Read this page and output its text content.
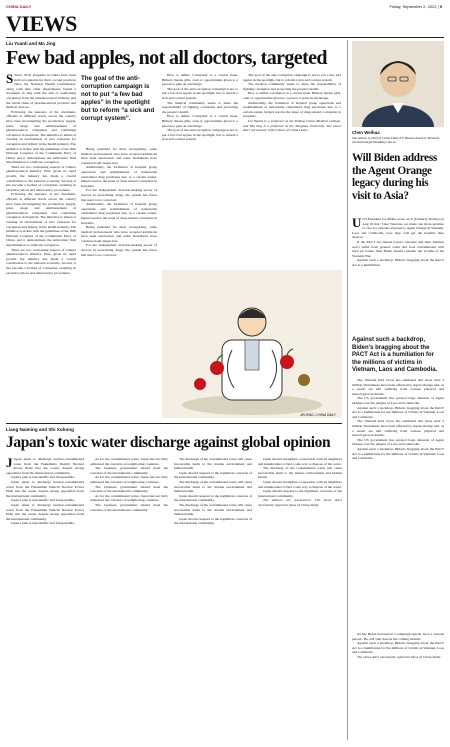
CHINA DAILY	Friday, September 2, 2022 | 9
VIEWS
Liu Yuanli and Ma Jing
Few bad apples, not all doctors, targeted

S Since 1910, hospitals in China have been held accountable for their corrupt practices since the National Health Commission, along with nine other departments, issued a document in July with the aim of eradicating corruption from the pharmaceutical industry and the whole chain of pharmaceutical products and medical devices.

Following the issuance of the document, officials at different levels across the country have been investigating the production, supply, sales, usage and reimbursement of pharmaceutical companies and combating corruption in hospitals. The initiative is aimed at creating an environment of zero tolerance for corruption and bribery in the health industry. The initiative is in line with the guidelines of the 20th National Congress of the Communist Party of China, and it demonstrates the authorities' firm determination to eradicate corruption.

There are two contrasting aspects of China's pharmaceutical industry. First, given its rapid growth, the industry has made a crucial contribution to the national economy. Second, it has become a hotbed of corruption, resulting in excessive prices and unnecessary procedures.

Following the issuance of the document, officials at different levels across the country have been investigating the production, supply, sales, usage and reimbursement of pharmaceutical companies and combating corruption in hospitals. The initiative is aimed at creating an environment of zero tolerance for corruption and bribery in the health industry. The initiative is in line with the guidelines of the 20th National Congress of the Communist Party of China, and it demonstrates the authorities' firm determination to eradicate corruption.

There are two contrasting aspects of China's pharmaceutical industry. First, given its rapid growth, the industry has made a crucial contribution to the national economy. Second, it has become a hotbed of corruption, resulting in excessive prices and unnecessary procedures.

The goal of the anti-corruption campaign is not to put “a few bad apples” in the spotlight but to reform “a sick and corrupt system”.

Being punished for their wrongdoing, some medical professionals who have accepted kickbacks have been sanctioned, and some institutions have conducted self-inspection.

Additionally, the formation of hospital group operations and establishment of nationwide centralized drug purchases has, to a certain extent, helped resolve the issue of drug-related corruption in hospitals.

For the 'independent' decision-making power of doctors in prescribing drugs, the system has flaws that need to be corrected.

Additionally, the formation of hospital group operations and establishment of nationwide centralized drug purchases has, to a certain extent, helped resolve the issue of drug-related corruption in hospitals.

Being punished for their wrongdoing, some medical professionals who have accepted kickbacks have been sanctioned, and some institutions have conducted self-inspection.

For the 'independent' decision-making power of doctors in prescribing drugs, the system has flaws that need to be corrected.

How to define 'corruption' is a crucial issue. Bribery means gifts, cash or opportunities given to a person to gain an advantage.

The goal of the anti-corruption campaign is not to put a few bad apples in the spotlight, but to reform a sick and corrupt system.

The medical community needs to share the responsibility of fighting corruption and protecting the people's health.

How to define 'corruption' is a crucial issue. Bribery means gifts, cash or opportunities given to a person to gain an advantage.

The goal of the anti-corruption campaign is not to put a few bad apples in the spotlight, but to reform a sick and corrupt system.

The goal of the anti-corruption campaign is not to put a few bad apples in the spotlight, but to reform a sick and corrupt system.

The medical community needs to share the responsibility of fighting corruption and protecting the people's health.

How to define 'corruption' is a crucial issue. Bribery means gifts, cash or opportunities given to a person to gain an advantage.

Additionally, the formation of hospital group operations and establishment of nationwide centralized drug purchases has, to a certain extent, helped resolve the issue of drug-related corruption in hospitals.

Liu Yuanli is a professor at the Peking Union Medical College, and Ma Jing is a professor at the Tsinghua University. The views don't necessarily reflect those of China Daily.

JIN DING / CHINA DAILY
Liang Naiming and Shi Xuhong
Japan's toxic water discharge against global opinion

J Japan plans to discharge nuclear-contaminated water from the Fukushima Daiichi Nuclear Power Plant into the ocean, despite strong opposition from the international community.

Japan's plan is unscientific and irresponsible.

Japan plans to discharge nuclear-contaminated water from the Fukushima Daiichi Nuclear Power Plant into the ocean, despite strong opposition from the international community.

Japan's plan is unscientific and irresponsible.

Japan plans to discharge nuclear-contaminated water from the Fukushima Daiichi Nuclear Power Plant into the ocean, despite strong opposition from the international community.

Japan's plan is unscientific and irresponsible.

As for the contaminated water, Japan has not fully addressed the concerns of neighboring countries.

The Japanese government should heed the concerns of the international community.

As for the contaminated water, Japan has not fully addressed the concerns of neighboring countries.

The Japanese government should heed the concerns of the international community.

As for the contaminated water, Japan has not fully addressed the concerns of neighboring countries.

The Japanese government should heed the concerns of the international community.

The discharge of the contaminated water will cause irreversible harm to the marine environment and human health.

Japan should respond to the legitimate concerns of the international community.

The discharge of the contaminated water will cause irreversible harm to the marine environment and human health.

Japan should respond to the legitimate concerns of the international community.

The discharge of the contaminated water will cause irreversible harm to the marine environment and human health.

Japan should respond to the legitimate concerns of the international community.

Japan should strengthen cooperation with its neighbors and stakeholders to find a safe way to dispose of the water.

The discharge of the contaminated water will cause irreversible harm to the marine environment and human health.

Japan should strengthen cooperation with its neighbors and stakeholders to find a safe way to dispose of the water.

Japan should respond to the legitimate concerns of the international community.

The authors are researchers. The views don't necessarily represent those of China Daily.

Chen Weihua
The author is chief of China Daily EU Bureau based in Brussels.
chenweihua@chinadaily.com.cn
Will Biden address the Agent Orange legacy during his visit to Asia?

UUS President Joe Biden wrote on X (formerly Twitter) on Aug 10 that: 'Like Veterans, we made one more promise to care for veterans exposed to Agent Orange in Vietnam, Laos and Cambodia, now they will get the benefits they deserve.'

If the PACT Act means today's veterans and their families won't suffer from ground, water and food contaminated with burn pit toxins, then Biden should consider the victims of the Vietnam War.

Against such a backdrop, Biden's bragging about the PACT Act is a humiliation.

Against such a backdrop, Biden's bragging about the PACT Act is a humiliation for the millions of victims in Vietnam, Laos and Cambodia.

The Vietnam Red Cross has estimated that more than 3 million Vietnamese have been affected by Agent Orange and, as a result, are still suffering from various physical and neurological problems.

The US government has sprayed large amounts of Agent Orange over the jungles of Laos and Cambodia.

Against such a backdrop, Biden's bragging about the PACT Act is a humiliation for the millions of victims in Vietnam, Laos and Cambodia.

The Vietnam Red Cross has estimated that more than 3 million Vietnamese have been affected by Agent Orange and, as a result, are still suffering from various physical and neurological problems.

The US government has sprayed large amounts of Agent Orange over the jungles of Laos and Cambodia.

Against such a backdrop, Biden's bragging about the PACT Act is a humiliation for the millions of victims in Vietnam, Laos and Cambodia.

As Mr. Biden declared in a campaign speech, he is a 'serious person'. He will visit Asia in the coming months.

Against such a backdrop, Biden's bragging about the PACT Act is a humiliation for the millions of victims in Vietnam, Laos and Cambodia.

The views don't necessarily represent those of China Daily.
